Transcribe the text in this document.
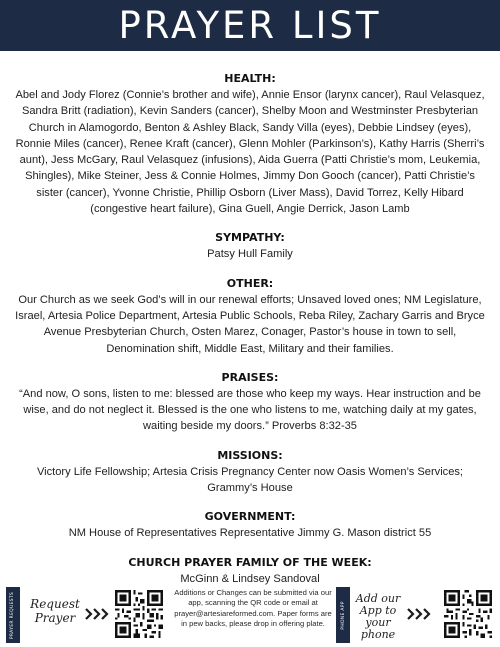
PRAYER LIST
HEALTH:

Abel and Jody Florez (Connie’s brother and wife), Annie Ensor (larynx cancer), Raul Velasquez, Sandra Britt (radiation), Kevin Sanders (cancer), Shelby Moon and Westminster Presbyterian Church in Alamogordo, Benton & Ashley Black, Sandy Villa (eyes), Debbie Lindsey (eyes), Ronnie Miles (cancer), Renee Kraft (cancer), Glenn Mohler (Parkinson’s), Kathy Harris (Sherri’s aunt), Jess McGary, Raul Velasquez (infusions), Aida Guerra (Patti Christie’s mom, Leukemia, Shingles), Mike Steiner, Jess & Connie Holmes, Jimmy Don Gooch (cancer), Patti Christie’s sister (cancer), Yvonne Christie, Phillip Osborn (Liver Mass), David Torrez, Kelly Hibard (congestive heart failure), Gina Guell, Angie Derrick, Jason Lamb

SYMPATHY:

Patsy Hull Family

OTHER:

Our Church as we seek God’s will in our renewal efforts; Unsaved loved ones; NM Legislature, Israel, Artesia Police Department, Artesia Public Schools, Reba Riley, Zachary Garris and Bryce Avenue Presbyterian Church, Osten Marez, Conager, Pastor’s house in town to sell, Denomination shift, Middle East, Military and their families.

PRAISES:

“And now, O sons, listen to me: blessed are those who keep my ways. Hear instruction and be wise, and do not neglect it. Blessed is the one who listens to me, watching daily at my gates, waiting beside my doors.” Proverbs 8:32-35

MISSIONS:

Victory Life Fellowship; Artesia Crisis Pregnancy Center now Oasis Women’s Services; Grammy’s House

GOVERNMENT:

NM House of Representatives Representative Jimmy G. Mason district 55

CHURCH PRAYER FAMILY OF THE WEEK:

McGinn & Lindsey Sandoval

PRAYER REQUESTS	Request
Prayer
Additions or Changes can be submitted via our app, scanning the QR code or email at prayer@artesiareformed.com. Paper forms are in pew backs, please drop in offering plate.	PHONE APP
Add our
App to
your phone
